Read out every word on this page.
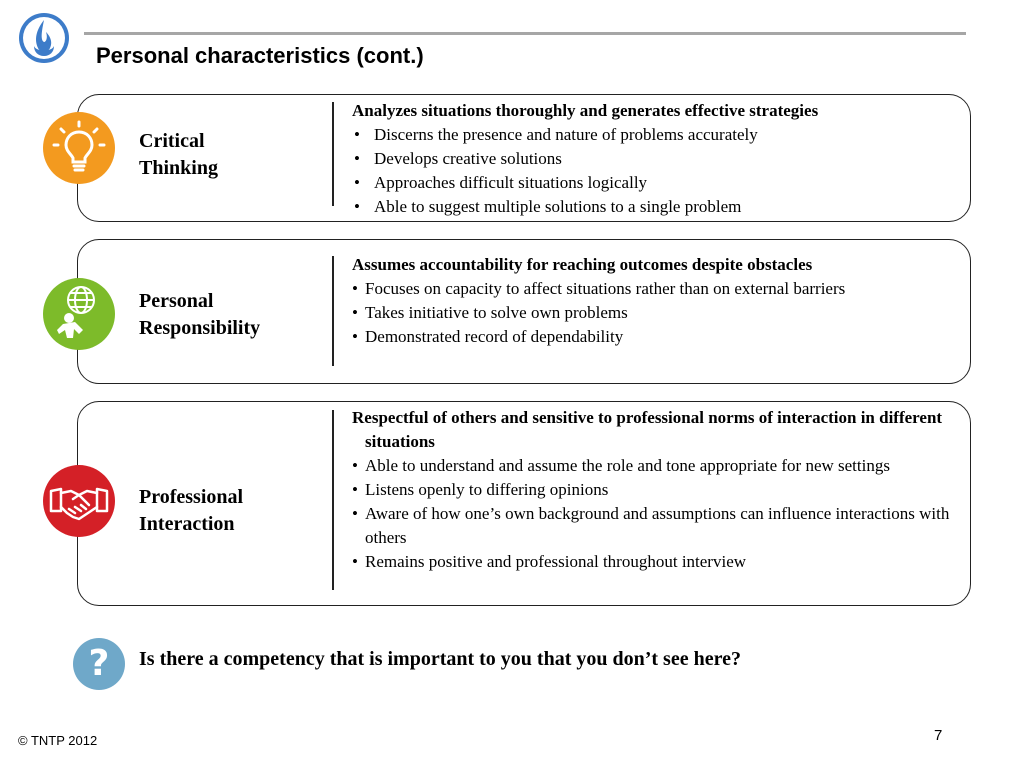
Personal characteristics (cont.)
Critical
Thinking
Analyzes situations thoroughly and generates effective strategies
• Discerns the presence and nature of problems accurately
• Develops creative solutions
• Approaches difficult situations logically
• Able to suggest multiple solutions to a single problem
Personal
Responsibility
Assumes accountability for reaching outcomes despite obstacles
• Focuses on capacity to affect situations rather than on external barriers
• Takes initiative to solve own problems
• Demonstrated record of dependability
Professional
Interaction
Respectful of others and sensitive to professional norms of interaction in different situations
• Able to understand and assume the role and tone appropriate for new settings
• Listens openly to differing opinions
• Aware of how one’s own background and assumptions can influence interactions with others
• Remains positive and professional throughout interview
?	Is there a competency that is important to you that you don’t see here?
© TNTP 2012	7
